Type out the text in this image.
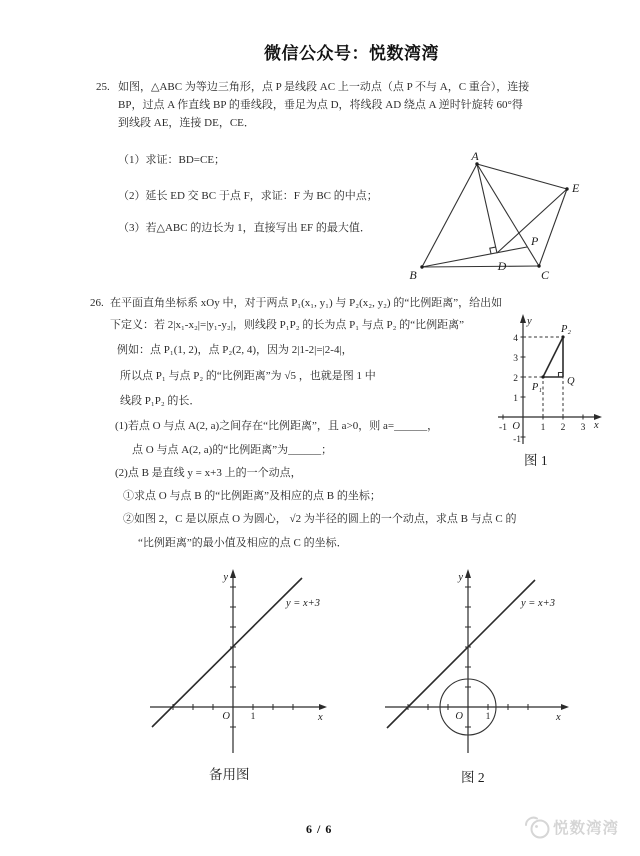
微信公众号：悦数湾湾
25. 如图，△ABC 为等边三角形，点 P 是线段 AC 上一动点（点 P 不与 A，C 重合），连接
BP，过点 A 作直线 BP 的垂线段，垂足为点 D，将线段 AD 绕点 A 逆时针旋转 60°得
到线段 AE，连接 DE，CE．
（1）求证：BD=CE；
（2）延长 ED 交 BC 于点 F，求证：F 为 BC 的中点；
（3）若△ABC 的边长为 1，直接写出 EF 的最大值．
A
B	C
E
D
P
26. 在平面直角坐标系 xOy 中，对于两点 P₁(x₁, y₁) 与 P₂(x₂, y₂) 的“比例距离”，给出如
下定义：若 2|x₁-x₂|=|y₁-y₂|，则线段 P₁P₂ 的长为点 P₁ 与点 P₂ 的“比例距离”
例如：点 P₁(1, 2)，点 P₂(2, 4)，因为 2|1-2|=|2-4|，
所以点 P₁ 与点 P₂ 的“比例距离”为 √5 ，也就是图 1 中
线段 P₁P₂ 的长．
(1)若点 O 与点 A(2, a)之间存在“比例距离”，且 a>0，则 a=______，
点 O 与点 A(2, a)的“比例距离”为______；
(2)点 B 是直线 y = x+3 上的一个动点，
①求点 O 与点 B 的“比例距离”及相应的点 B 的坐标；
②如图 2，C 是以原点 O 为圆心， √2 为半径的圆上的一个动点，求点 B 与点 C 的
“比例距离”的最小值及相应的点 C 的坐标．
y
x
O
-1	1 2 3
4
3
2
1
-1
P₂
P₁
Q
图 1
y
x
O 1
y = x+3
备用图
y
x
O 1
y = x+3
图 2
6 / 6	悦数湾湾
